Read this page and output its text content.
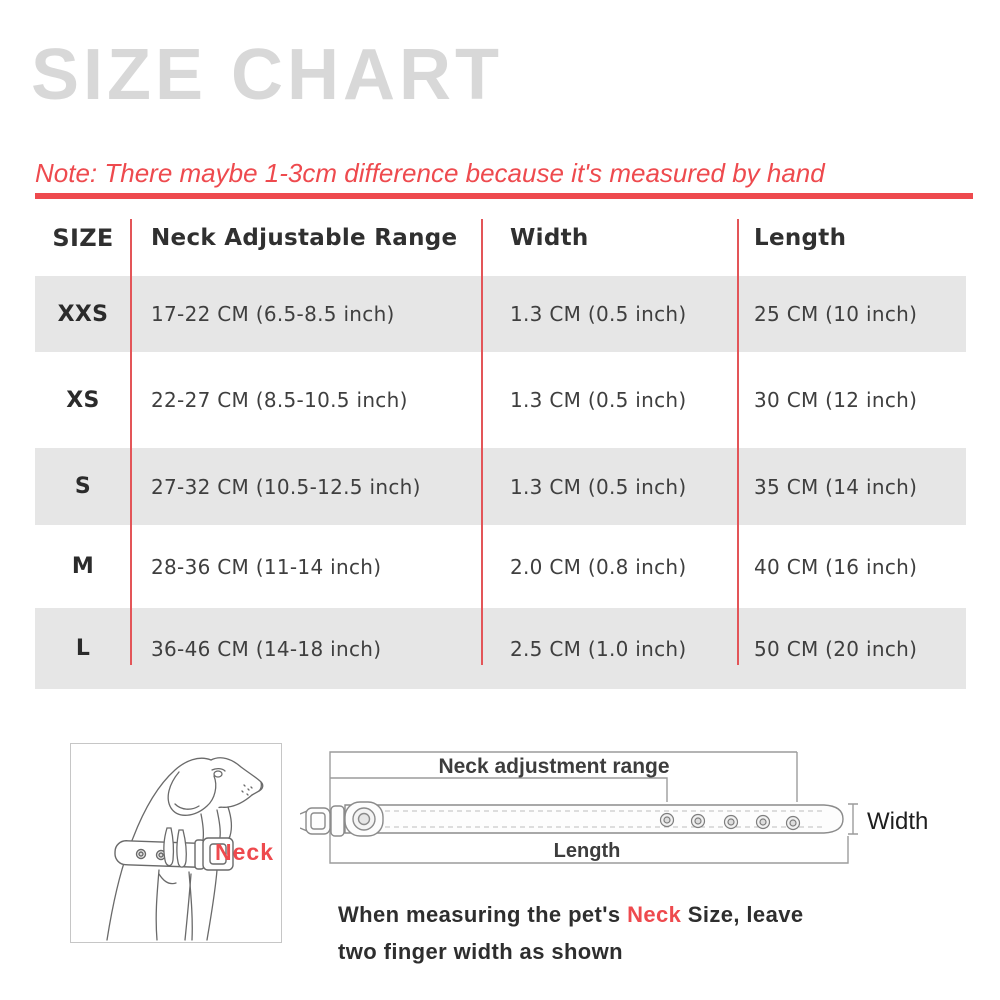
SIZE CHART
Note: There maybe 1-3cm difference because it's measured by hand
SIZE	Neck Adjustable Range	Width	Length
XXS	17-22 CM (6.5-8.5 inch)	1.3 CM (0.5 inch)	25 CM (10 inch)
XS	22-27 CM (8.5-10.5 inch)	1.3 CM (0.5 inch)	30 CM (12 inch)
S	27-32 CM (10.5-12.5 inch)	1.3 CM (0.5 inch)	35 CM (14 inch)
M	28-36 CM (11-14 inch)	2.0 CM (0.8 inch)	40 CM (16 inch)
L	36-46 CM (14-18 inch)	2.5 CM (1.0 inch)	50 CM (20 inch)
Neck
Neck adjustment range
Length
Width
When measuring the pet's Neck Size, leave
two finger width as shown
